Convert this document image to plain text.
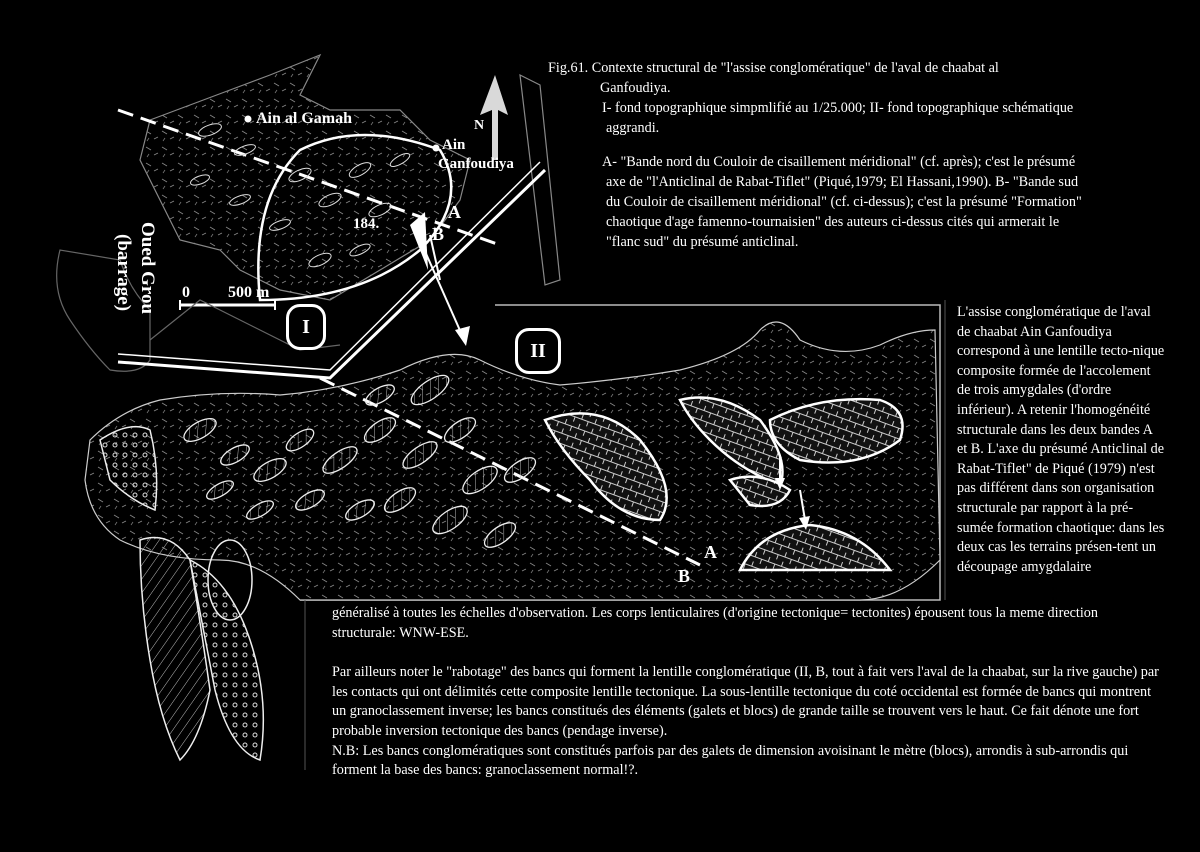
Ain al Gamah
Ain
Ganfoudiya
184.
A
B
A
B
0 500 m
N
I
II
Oued Grou
(barrage)

Fig.61. Contexte structural de "l'assise conglomératique" de l'aval de chaabat al

Ganfoudiya.

I- fond topographique simpmlifié au 1/25.000; II- fond topographique schématique

aggrandi.

A- "Bande nord du Couloir de cisaillement méridional" (cf. après); c'est le présumé

axe de "l'Anticlinal de Rabat-Tiflet" (Piqué,1979; El Hassani,1990). B- "Bande sud

du Couloir de cisaillement méridional" (cf. ci-dessus); c'est la présumé "Formation"

chaotique d'age famenno-tournaisien" des auteurs ci-dessus cités qui armerait le

"flanc sud" du présumé anticlinal.

L'assise conglomératique de l'aval de chaabat Ain Ganfoudiya correspond à une lentille tecto-nique composite formée de l'accolement de trois amygdales (d'ordre inférieur). A retenir l'homogénéité structurale dans les deux bandes A et B. L'axe du présumé Anticlinal de Rabat-Tiflet" de Piqué (1979) n'est pas différent dans son organisation structurale par rapport à la pré-sumée formation chaotique: dans les deux cas les terrains présen-tent un découpage amygdalaire

généralisé à toutes les échelles d'observation. Les corps lenticulaires (d'origine tectonique= tectonites) épousent tous la meme direction structurale: WNW-ESE.

Par ailleurs noter le "rabotage" des bancs qui forment la lentille conglomératique (II, B, tout à fait vers l'aval de la chaabat, sur la rive gauche) par les contacts qui ont délimités cette composite lentille tectonique. La sous-lentille tectonique du coté occidental est formée de bancs qui montrent un granoclassement inverse; les bancs constitués des éléments (galets et blocs) de grande taille se trouvent vers le haut. Ce fait dénote une fort probable inversion tectonique des bancs (pendage inverse).

N.B: Les bancs conglomératiques sont constitués parfois par des galets de dimension avoisinant le mètre (blocs), arrondis à sub-arrondis qui forment la base des bancs: granoclassement normal!?.
